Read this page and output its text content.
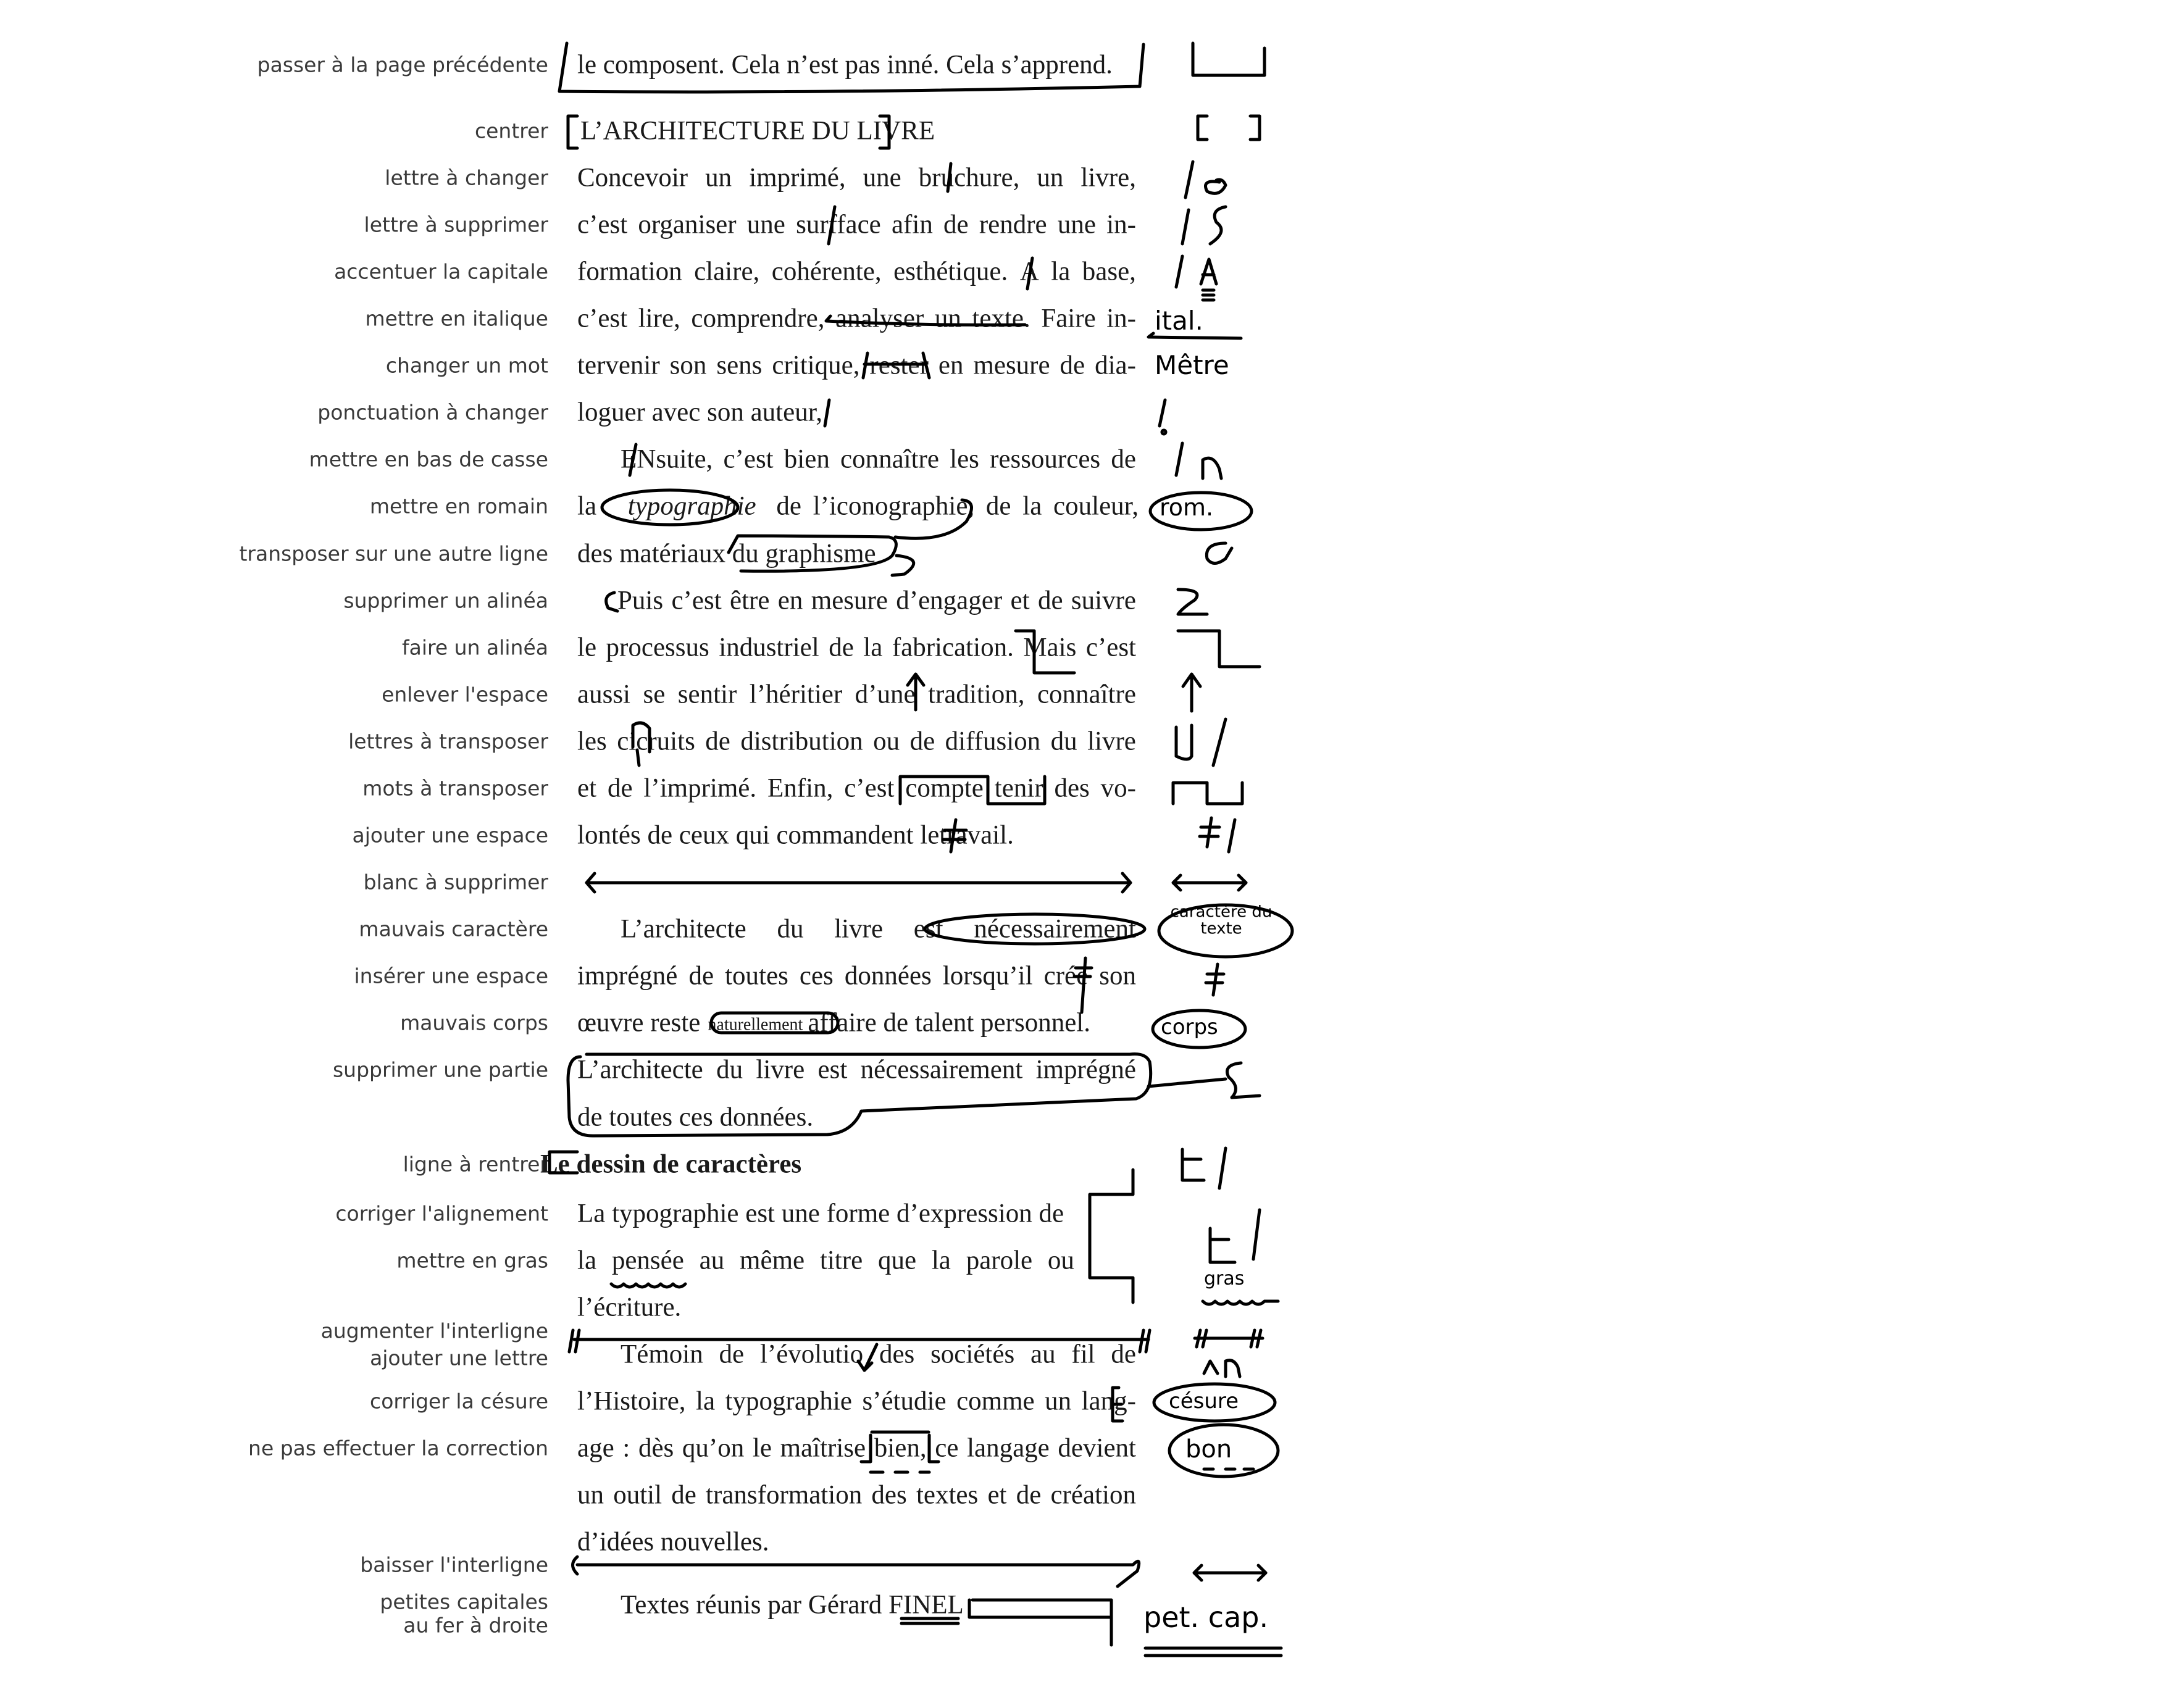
passer à la page précédente
centrer
lettre à changer
lettre à supprimer
accentuer la capitale
mettre en italique
changer un mot
ponctuation à changer
mettre en bas de casse
mettre en romain
transposer sur une autre ligne
supprimer un alinéa
faire un alinéa
enlever l'espace
lettres à transposer
mots à transposer
ajouter une espace
blanc à supprimer
mauvais caractère
insérer une espace
mauvais corps
supprimer une partie
ligne à rentrer
corriger l'alignement
mettre en gras
augmenter l'interligne
ajouter une lettre
corriger la césure
ne pas effectuer la correction
baisser l'interligne
petites capitales
au fer à droite
le composent. Cela n’est pas inné. Cela s’apprend.
L’ARCHITECTURE DU LIVRE
Concevoir un imprimé, une bruchure, un livre,
c’est organiser une surfface afin de rendre une in-
formation claire, cohérente, esthétique. A la base,
c’est lire, comprendre, analyser un texte. Faire in-
tervenir son sens critique, rester en mesure de dia-
loguer avec son auteur,
ENsuite, c’est bien connaître les ressources de
la typographie de l’iconographie, de la couleur,
des matériaux du graphisme
Puis c’est être en mesure d’engager et de suivre
le processus industriel de la fabrication. Mais c’est
aussi se sentir l’héritier d’une tradition, connaître
les cicruits de distribution ou de diffusion du livre
et de l’imprimé. Enfin, c’est compte tenir des vo-
lontés de ceux qui commandent letravail.
L’architecte du livre est nécessairement
imprégné de toutes ces données lorsqu’il crée son
œuvre reste naturellement affaire de talent personnel.
L’architecte du livre est nécessairement imprégné
de toutes ces données.
Le dessin de caractères
La typographie est une forme d’expression de
la pensée au même titre que la parole ou
l’écriture.
Témoin de l’évolutio des sociétés au fil de
l’Histoire, la typographie s’étudie comme un lang-
age : dès qu’on le maîtrise bien, ce langage devient
un outil de transformation des textes et de création
d’idées nouvelles.
Textes réunis par Gérard FINEL
ital.
Mêtre
rom.
caractère du texte
corps
gras
césure
bon
pet. cap.
